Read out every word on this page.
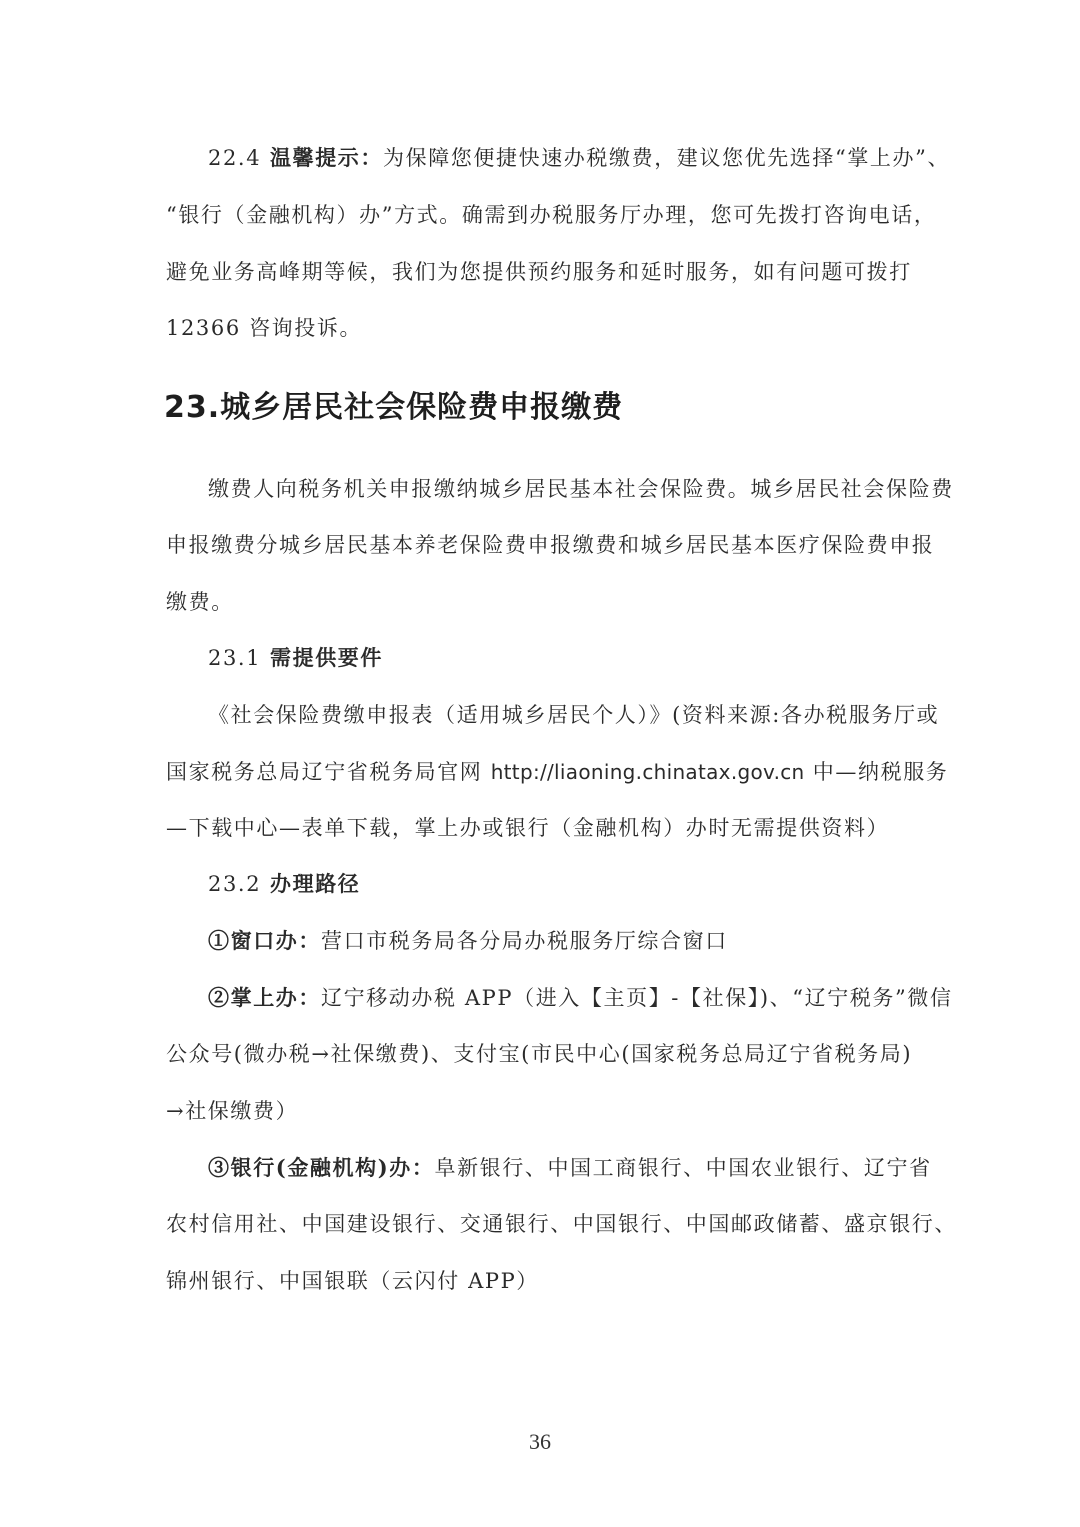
22.4 温馨提示：为保障您便捷快速办税缴费，建议您优先选择“掌上办”、
“银行（金融机构）办”方式。确需到办税服务厅办理，您可先拨打咨询电话，
避免业务高峰期等候，我们为您提供预约服务和延时服务，如有问题可拨打
12366 咨询投诉。
23.城乡居民社会保险费申报缴费
缴费人向税务机关申报缴纳城乡居民基本社会保险费。城乡居民社会保险费
申报缴费分城乡居民基本养老保险费申报缴费和城乡居民基本医疗保险费申报
缴费。
23.1 需提供要件
《社会保险费缴申报表（适用城乡居民个人）》(资料来源:各办税服务厅或
国家税务总局辽宁省税务局官网 http://liaoning.chinatax.gov.cn 中—纳税服务
—下载中心—表单下载，掌上办或银行（金融机构）办时无需提供资料）
23.2 办理路径
①窗口办：营口市税务局各分局办税服务厅综合窗口
②掌上办：辽宁移动办税 APP（进入【主页】-【社保】)、“辽宁税务”微信
公众号(微办税→社保缴费)、支付宝(市民中心(国家税务总局辽宁省税务局)
→社保缴费）
③银行(金融机构)办：阜新银行、中国工商银行、中国农业银行、辽宁省
农村信用社、中国建设银行、交通银行、中国银行、中国邮政储蓄、盛京银行、
锦州银行、中国银联（云闪付 APP）
36
